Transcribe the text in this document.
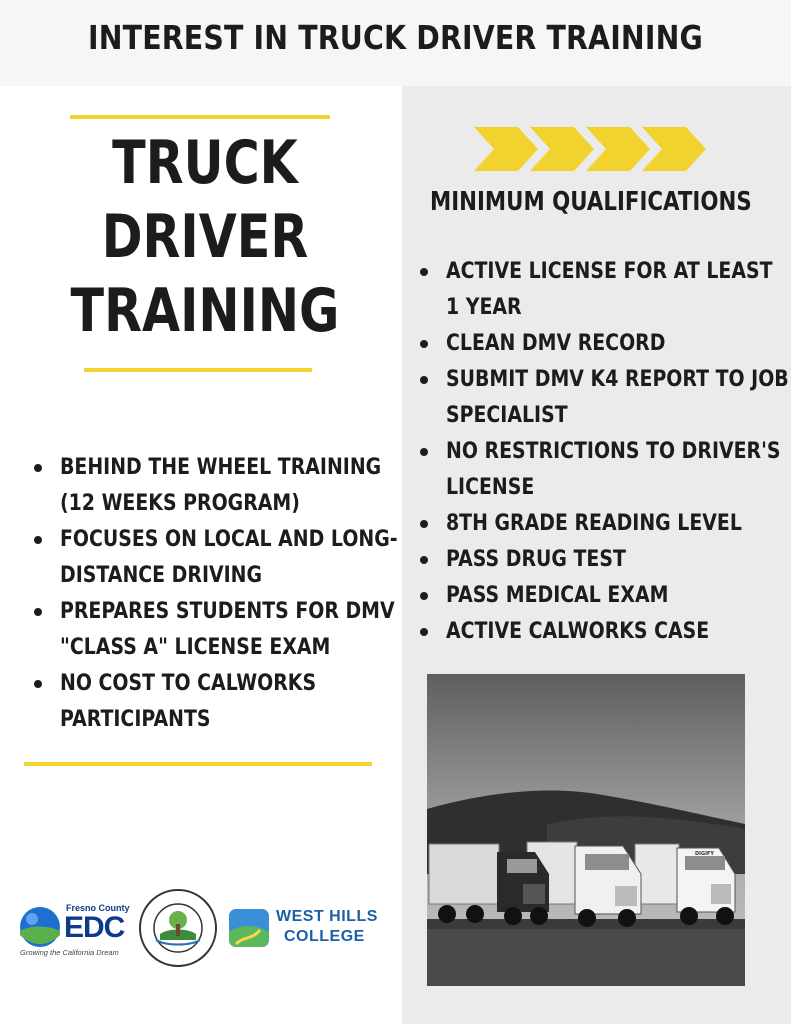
INTEREST IN TRUCK DRIVER TRAINING
TRUCK
DRIVER
TRAINING
BEHIND THE WHEEL TRAINING
(12 WEEKS PROGRAM)
FOCUSES ON LOCAL AND LONG-
DISTANCE DRIVING
PREPARES STUDENTS FOR DMV
"CLASS A" LICENSE EXAM
NO COST TO CALWORKS
PARTICIPANTS
MINIMUM QUALIFICATIONS
ACTIVE LICENSE FOR AT LEAST
1 YEAR
CLEAN DMV RECORD
SUBMIT DMV K4 REPORT TO JOB
SPECIALIST
NO RESTRICTIONS TO DRIVER'S
LICENSE
8TH GRADE READING LEVEL
PASS DRUG TEST
PASS MEDICAL EXAM
ACTIVE CALWORKS CASE
DIGIFY
Fresno County
EDC
Growing the California Dream
WEST HILLS
COLLEGE
